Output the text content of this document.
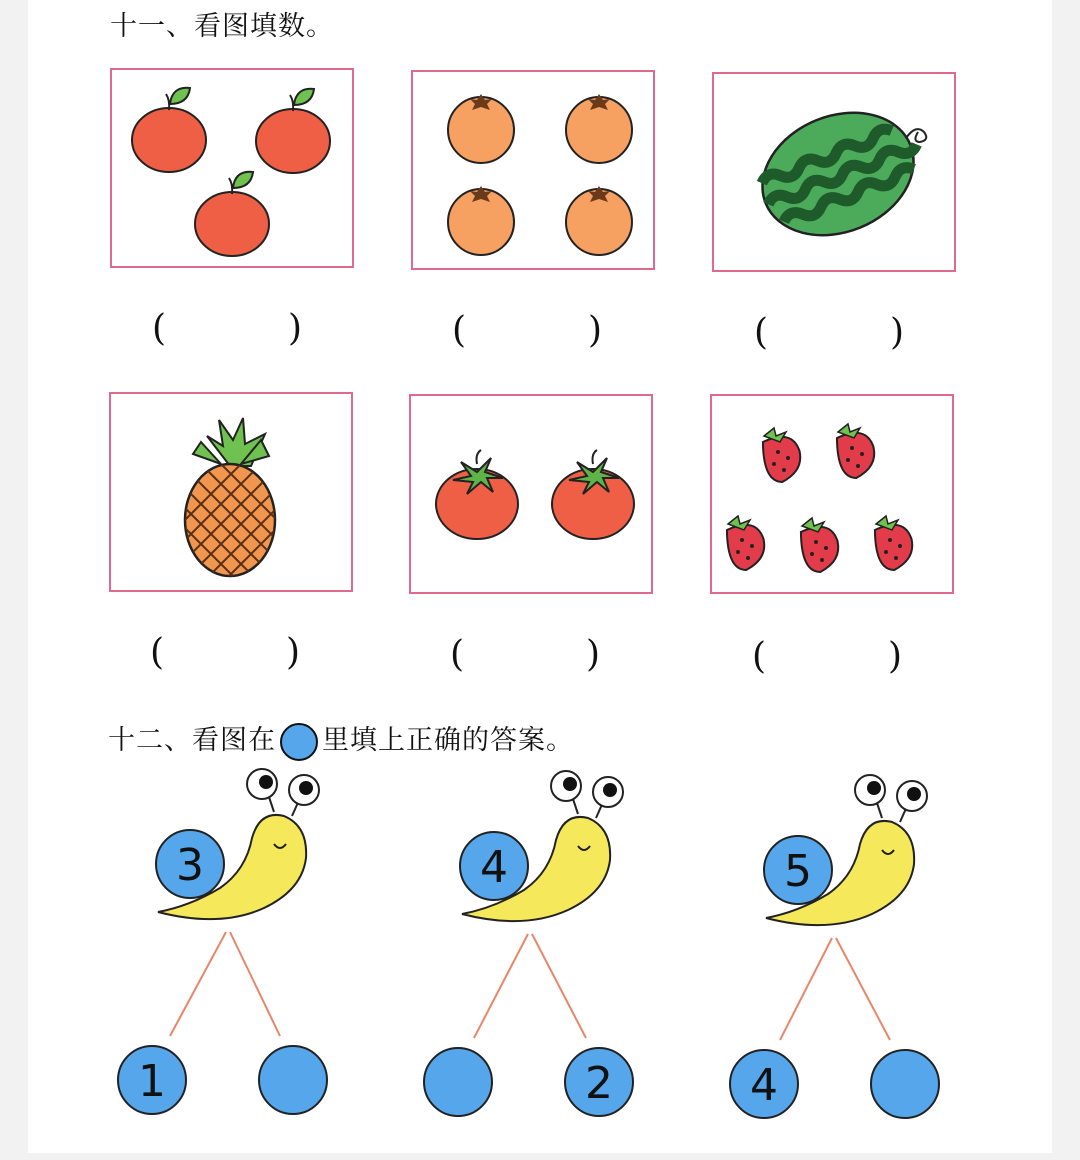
十一、看图填数。
(	)	(	)	(	)
(	)	(	)	(	)
十二、看图在 里填上正确的答案。
3	4	5
1	2	4
